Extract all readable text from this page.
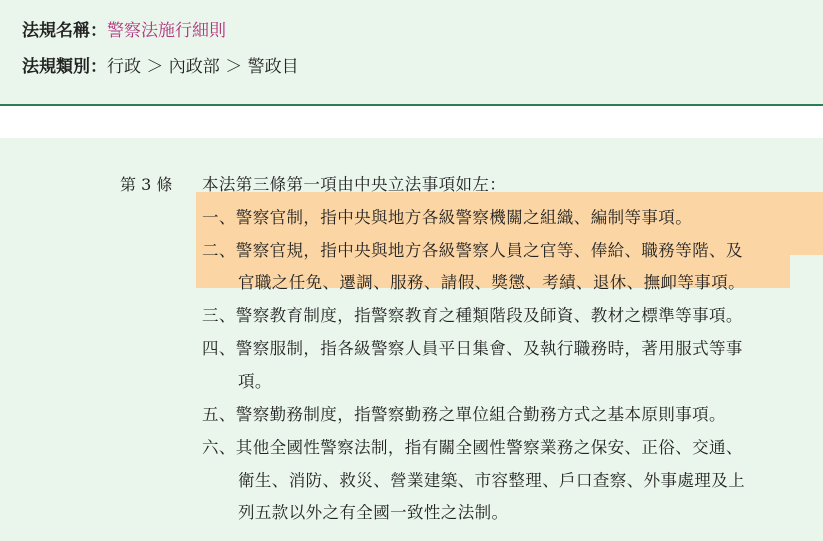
法規名稱：警察法施行細則
法規類別：行政 ＞ 內政部 ＞ 警政目
第 3 條 本法第三條第一項由中央立法事項如左：
一、警察官制，指中央與地方各級警察機關之組織、編制等事項。
二、警察官規，指中央與地方各級警察人員之官等、俸給、職務等階、及
官職之任免、遷調、服務、請假、獎懲、考績、退休、撫卹等事項。
三、警察教育制度，指警察教育之種類階段及師資、教材之標準等事項。
四、警察服制，指各級警察人員平日集會、及執行職務時，著用服式等事
項。
五、警察勤務制度，指警察勤務之單位組合勤務方式之基本原則事項。
六、其他全國性警察法制，指有關全國性警察業務之保安、正俗、交通、
衛生、消防、救災、營業建築、市容整理、戶口查察、外事處理及上
列五款以外之有全國一致性之法制。
